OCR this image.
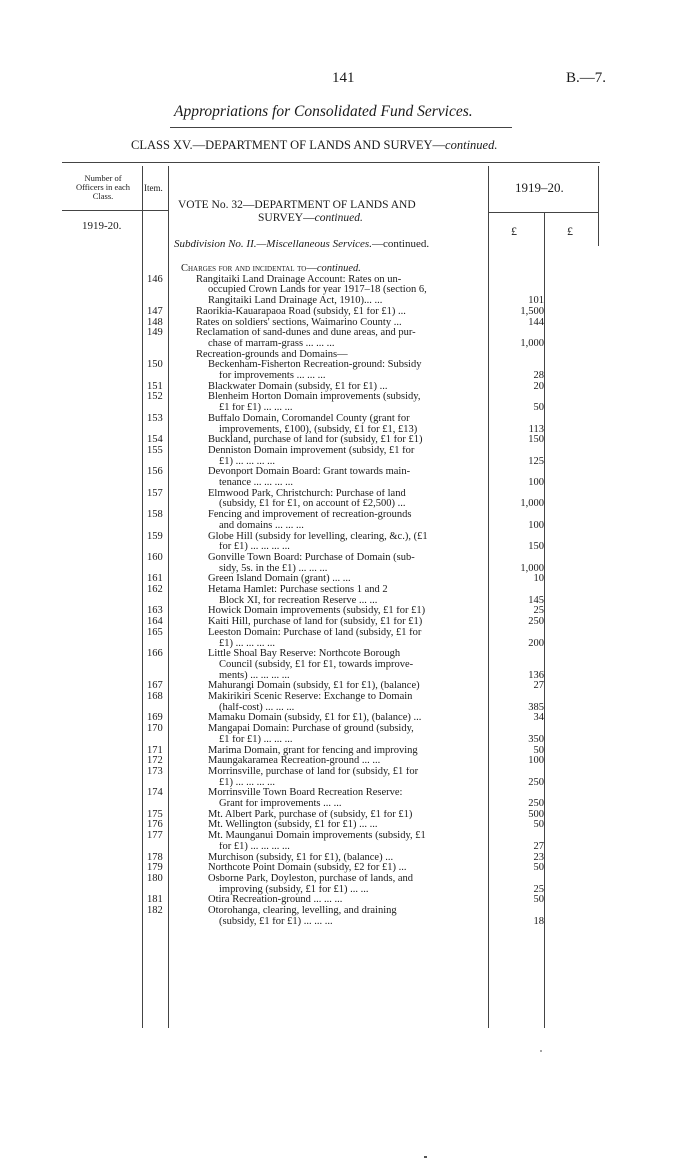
141	B.—7.
Appropriations for Consolidated Fund Services.
CLASS XV.—DEPARTMENT OF LANDS AND SURVEY—continued.
Number of
Officers in each
Class.
Item.
1919-20.
VOTE No. 32—DEPARTMENT OF LANDS AND
SURVEY—continued.
1919–20.
£	£
Subdivision No. II.—Miscellaneous Services.—continued.
Charges for and incidental to—continued.
146	Rangitaiki Land Drainage Account: Rates on un-
occupied Crown Lands for year 1917–18 (section 6,
Rangitaiki Land Drainage Act, 1910)... ...	101
147	Raorikia-Kauarapaoa Road (subsidy, £1 for £1) ...	1,500
148	Rates on soldiers' sections, Waimarino County ...	144
149	Reclamation of sand-dunes and dune areas, and pur-
chase of marram-grass ... ... ...	1,000
Recreation-grounds and Domains—
150	Beckenham-Fisherton Recreation-ground: Subsidy
for improvements ... ... ...	28
151	Blackwater Domain (subsidy, £1 for £1) ...	20
152	Blenheim Horton Domain improvements (subsidy,
£1 for £1) ... ... ...	50
153	Buffalo Domain, Coromandel County (grant for
improvements, £100), (subsidy, £1 for £1, £13)	113
154	Buckland, purchase of land for (subsidy, £1 for £1)	150
155	Denniston Domain improvement (subsidy, £1 for
£1) ... ... ... ...	125
156	Devonport Domain Board: Grant towards main-
tenance ... ... ... ...	100
157	Elmwood Park, Christchurch: Purchase of land
(subsidy, £1 for £1, on account of £2,500) ...	1,000
158	Fencing and improvement of recreation-grounds
and domains ... ... ...	100
159	Globe Hill (subsidy for levelling, clearing, &c.), (£1
for £1) ... ... ... ...	150
160	Gonville Town Board: Purchase of Domain (sub-
sidy, 5s. in the £1) ... ... ...	1,000
161	Green Island Domain (grant) ... ...	10
162	Hetama Hamlet: Purchase sections 1 and 2
Block XI, for recreation Reserve ... ...	145
163	Howick Domain improvements (subsidy, £1 for £1)	25
164	Kaiti Hill, purchase of land for (subsidy, £1 for £1)	250
165	Leeston Domain: Purchase of land (subsidy, £1 for
£1) ... ... ... ...	200
166	Little Shoal Bay Reserve: Northcote Borough
Council (subsidy, £1 for £1, towards improve-
ments) ... ... ... ...	136
167	Mahurangi Domain (subsidy, £1 for £1), (balance)	27
168	Makirikiri Scenic Reserve: Exchange to Domain
(half-cost) ... ... ...	385
169	Mamaku Domain (subsidy, £1 for £1), (balance) ...	34
170	Mangapai Domain: Purchase of ground (subsidy,
£1 for £1) ... ... ...	350
171	Marima Domain, grant for fencing and improving	50
172	Maungakaramea Recreation-ground ... ...	100
173	Morrinsville, purchase of land for (subsidy, £1 for
£1) ... ... ... ...	250
174	Morrinsville Town Board Recreation Reserve:
Grant for improvements ... ...	250
175	Mt. Albert Park, purchase of (subsidy, £1 for £1)	500
176	Mt. Wellington (subsidy, £1 for £1) ... ...	50
177	Mt. Maunganui Domain improvements (subsidy, £1
for £1) ... ... ... ...	27
178	Murchison (subsidy, £1 for £1), (balance) ...	23
179	Northcote Point Domain (subsidy, £2 for £1) ...	50
180	Osborne Park, Doyleston, purchase of lands, and
improving (subsidy, £1 for £1) ... ...	25
181	Otira Recreation-ground ... ... ...	50
182	Otorohanga, clearing, levelling, and draining
(subsidy, £1 for £1) ... ... ...	18
